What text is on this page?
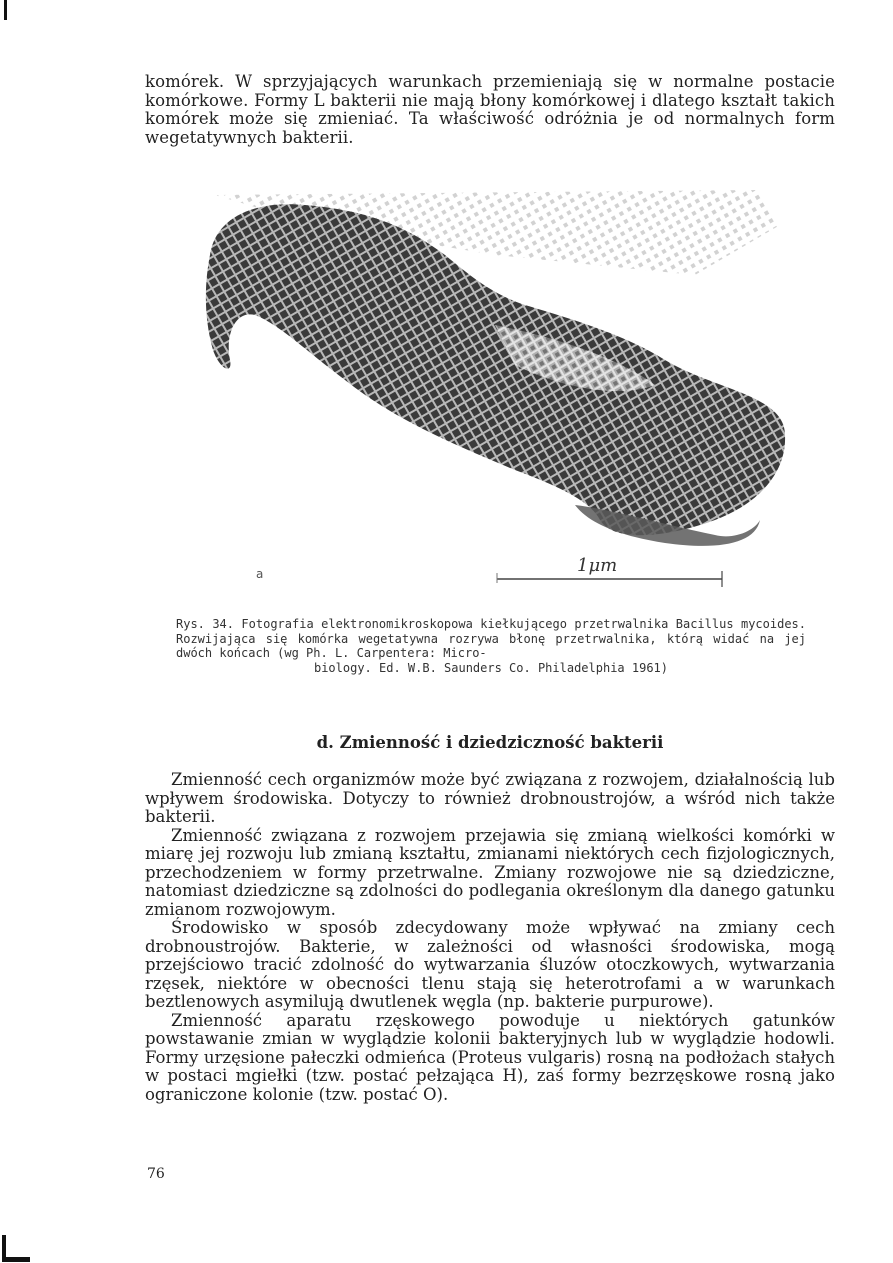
komórek. W sprzyjających warunkach przemieniają się w normalne postacie komórkowe. Formy L bakterii nie mają błony komórkowej i dlatego kształt takich komórek może się zmieniać. Ta właściwość odróżnia je od normalnych form wegetatywnych bakterii.

1μm
a

Rys. 34. Fotografia elektronomikroskopowa kiełkującego przetrwalnika Bacillus mycoides. Rozwijająca się komórka wegetatywna rozrywa błonę przetrwalnika, którą widać na jej dwóch końcach (wg Ph. L. Carpentera: Micro-
biology. Ed. W.B. Saunders Co. Philadelphia 1961)

d. Zmienność i dziedziczność bakterii

Zmienność cech organizmów może być związana z rozwojem, działalnością lub wpływem środowiska. Dotyczy to również drobnoustrojów, a wśród nich także bakterii.

Zmienność związana z rozwojem przejawia się zmianą wielkości komórki w miarę jej rozwoju lub zmianą kształtu, zmianami niektórych cech fizjologicznych, przechodzeniem w formy przetrwalne. Zmiany rozwojowe nie są dziedziczne, natomiast dziedziczne są zdolności do podlegania określonym dla danego gatunku zmianom rozwojowym.

Środowisko w sposób zdecydowany może wpływać na zmiany cech drobnoustrojów. Bakterie, w zależności od własności środowiska, mogą przejściowo tracić zdolność do wytwarzania śluzów otoczkowych, wytwarzania rzęsek, niektóre w obecności tlenu stają się heterotrofami a w warunkach beztlenowych asymilują dwutlenek węgla (np. bakterie purpurowe).

Zmienność aparatu rzęskowego powoduje u niektórych gatunków powstawanie zmian w wyglądzie kolonii bakteryjnych lub w wyglądzie hodowli. Formy urzęsione pałeczki odmieńca (Proteus vulgaris) rosną na podłożach stałych w postaci mgiełki (tzw. postać pełzająca H), zaś formy bezrzęskowe rosną jako ograniczone kolonie (tzw. postać O).

76
